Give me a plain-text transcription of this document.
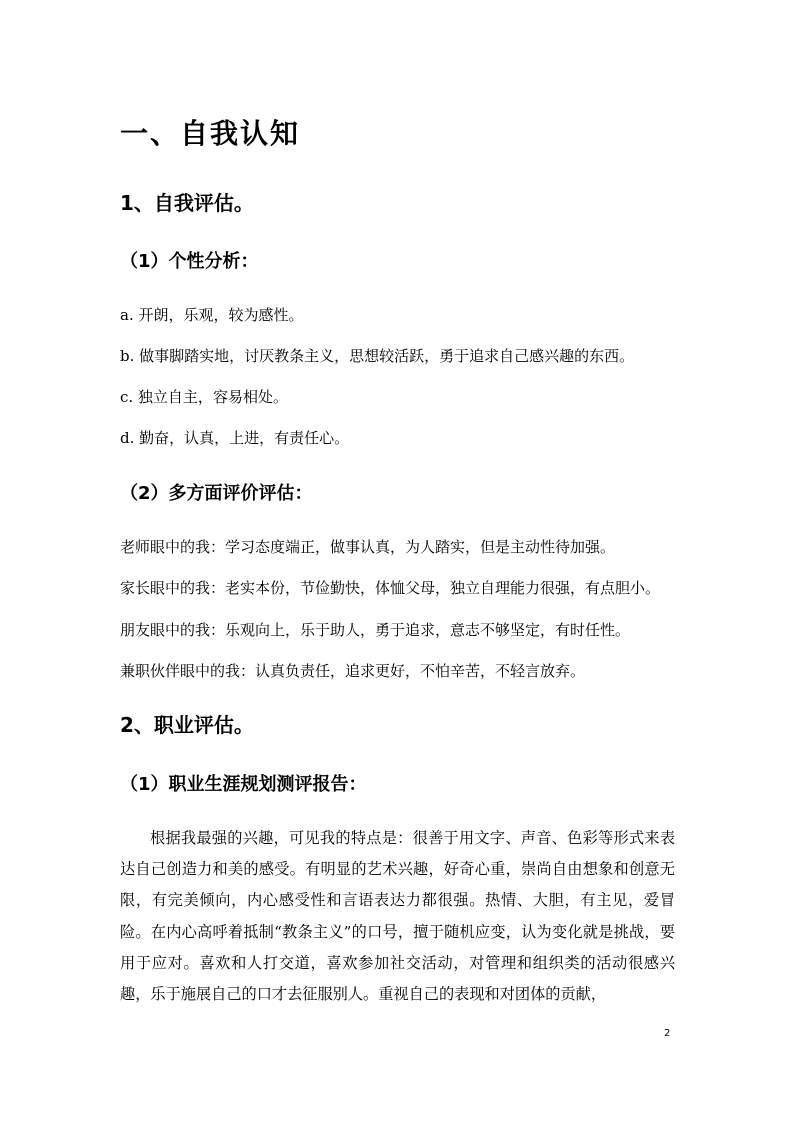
一、自我认知
1、自我评估。
（1）个性分析：
a. 开朗，乐观，较为感性。
b. 做事脚踏实地，讨厌教条主义，思想较活跃，勇于追求自己感兴趣的东西。
c. 独立自主，容易相处。
d. 勤奋，认真，上进，有责任心。
（2）多方面评价评估：
老师眼中的我：学习态度端正，做事认真，为人踏实，但是主动性待加强。
家长眼中的我：老实本份，节俭勤快，体恤父母，独立自理能力很强，有点胆小。
朋友眼中的我：乐观向上，乐于助人，勇于追求，意志不够坚定，有时任性。
兼职伙伴眼中的我：认真负责任，追求更好，不怕辛苦，不轻言放弃。
2、职业评估。
（1）职业生涯规划测评报告：

根据我最强的兴趣，可见我的特点是：很善于用文字、声音、色彩等形式来表达自己创造力和美的感受。有明显的艺术兴趣，好奇心重，崇尚自由想象和创意无限，有完美倾向，内心感受性和言语表达力都很强。热情、大胆，有主见，爱冒险。在内心高呼着抵制“教条主义”的口号，擅于随机应变，认为变化就是挑战，要用于应对。喜欢和人打交道，喜欢参加社交活动，对管理和组织类的活动很感兴趣，乐于施展自己的口才去征服别人。重视自己的表现和对团体的贡献，

2
